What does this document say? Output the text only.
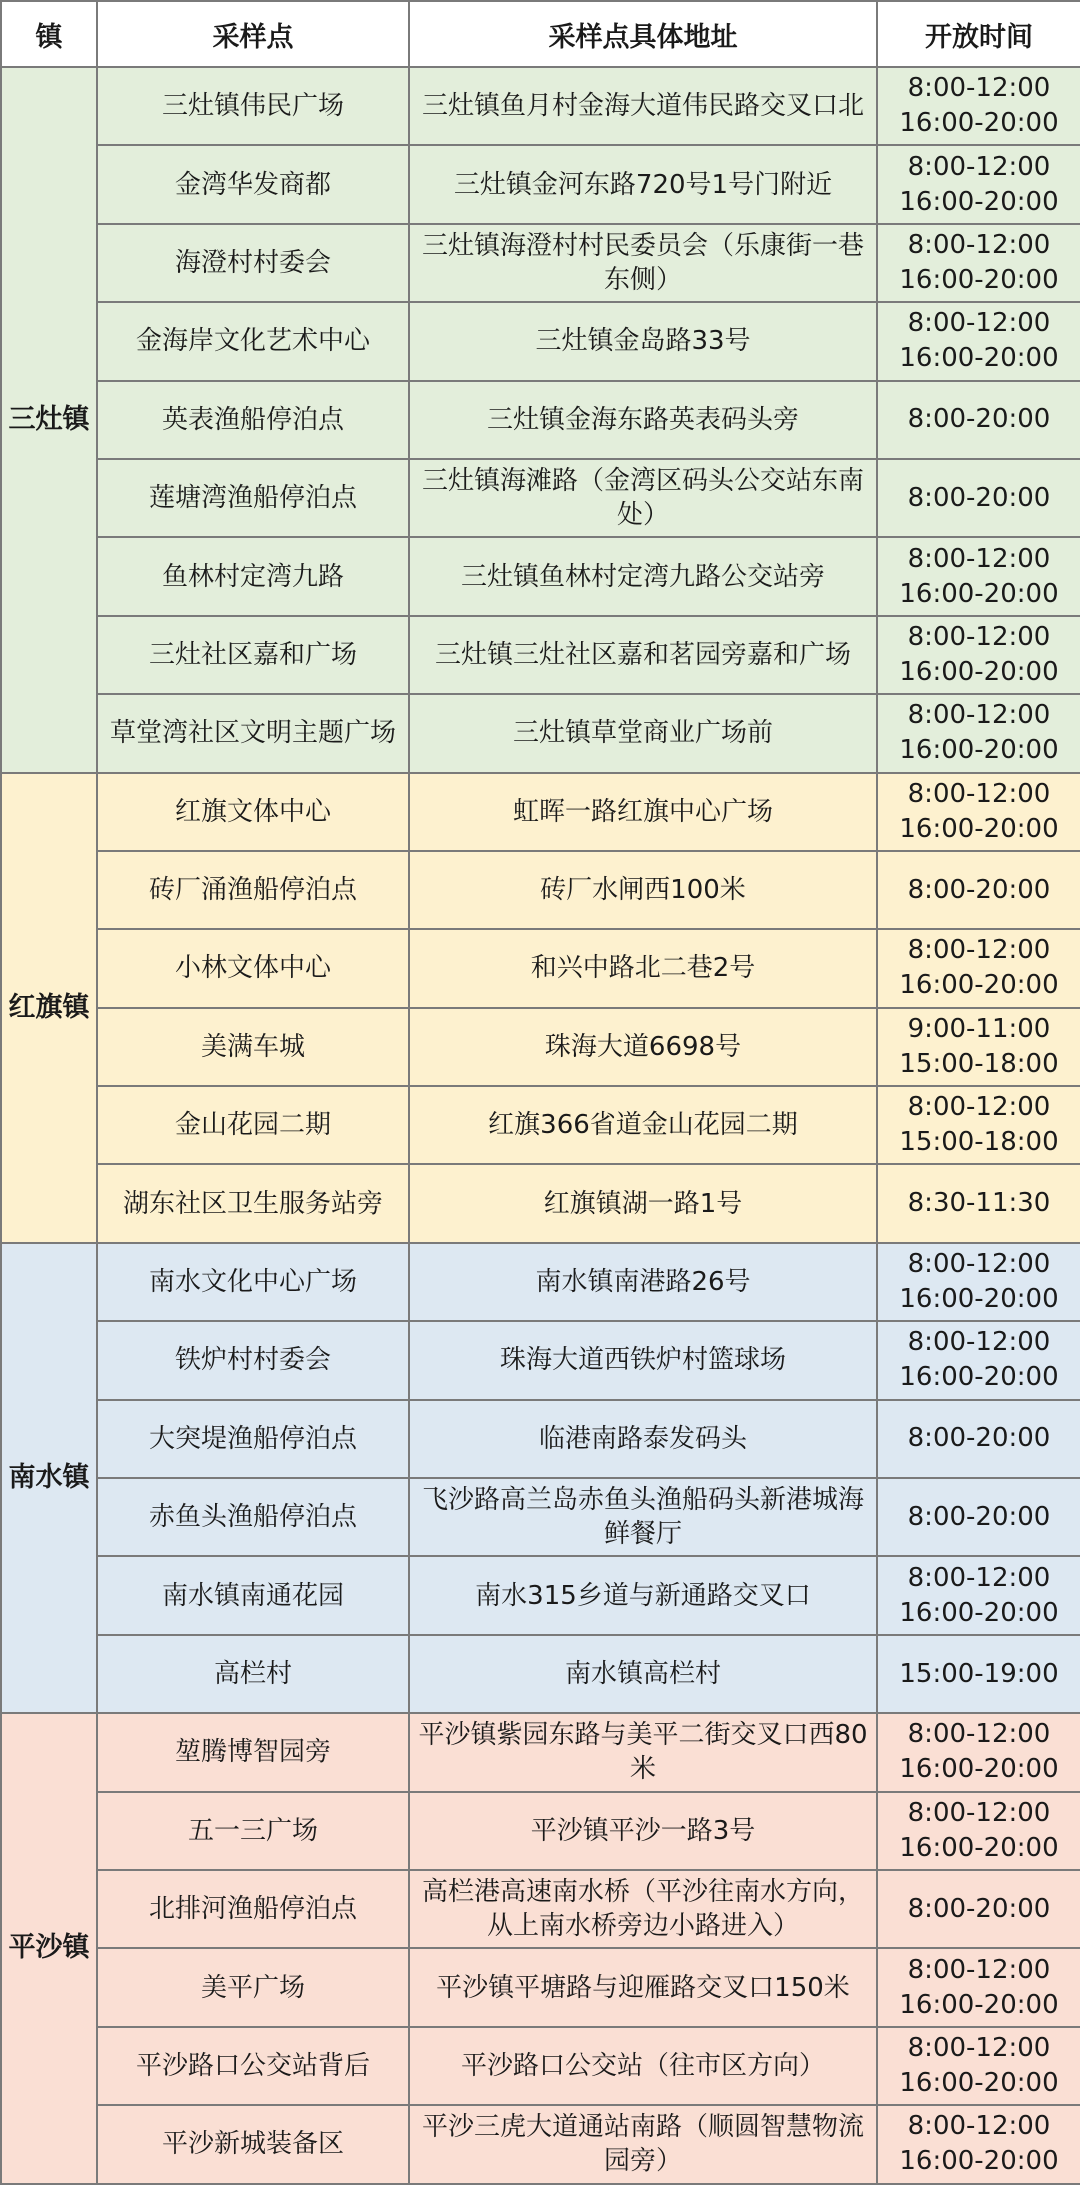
镇	采样点	采样点具体地址	开放时间
三灶镇	三灶镇伟民广场	三灶镇鱼月村金海大道伟民路交叉口北	8:00-12:00
16:00-20:00
	金湾华发商都	三灶镇金河东路720号1号门附近	8:00-12:00
16:00-20:00
	海澄村村委会	三灶镇海澄村村民委员会（乐康街一巷东侧）	8:00-12:00
16:00-20:00
	金海岸文化艺术中心	三灶镇金岛路33号	8:00-12:00
16:00-20:00
	英表渔船停泊点	三灶镇金海东路英表码头旁	8:00-20:00
	莲塘湾渔船停泊点	三灶镇海滩路（金湾区码头公交站东南处）	8:00-20:00
	鱼林村定湾九路	三灶镇鱼林村定湾九路公交站旁	8:00-12:00
16:00-20:00
	三灶社区嘉和广场	三灶镇三灶社区嘉和茗园旁嘉和广场	8:00-12:00
16:00-20:00
	草堂湾社区文明主题广场	三灶镇草堂商业广场前	8:00-12:00
16:00-20:00
红旗镇	红旗文体中心	虹晖一路红旗中心广场	8:00-12:00
16:00-20:00
	砖厂涌渔船停泊点	砖厂水闸西100米	8:00-20:00
	小林文体中心	和兴中路北二巷2号	8:00-12:00
16:00-20:00
	美满车城	珠海大道6698号	9:00-11:00
15:00-18:00
	金山花园二期	红旗366省道金山花园二期	8:00-12:00
15:00-18:00
	湖东社区卫生服务站旁	红旗镇湖一路1号	8:30-11:30
南水镇	南水文化中心广场	南水镇南港路26号	8:00-12:00
16:00-20:00
	铁炉村村委会	珠海大道西铁炉村篮球场	8:00-12:00
16:00-20:00
	大突堤渔船停泊点	临港南路泰发码头	8:00-20:00
	赤鱼头渔船停泊点	飞沙路高兰岛赤鱼头渔船码头新港城海鲜餐厅	8:00-20:00
	南水镇南通花园	南水315乡道与新通路交叉口	8:00-12:00
16:00-20:00
	高栏村	南水镇高栏村	15:00-19:00
平沙镇	堃腾博智园旁	平沙镇紫园东路与美平二街交叉口西80米	8:00-12:00
16:00-20:00
	五一三广场	平沙镇平沙一路3号	8:00-12:00
16:00-20:00
	北排河渔船停泊点	高栏港高速南水桥（平沙往南水方向，从上南水桥旁边小路进入）	8:00-20:00
	美平广场	平沙镇平塘路与迎雁路交叉口150米	8:00-12:00
16:00-20:00
	平沙路口公交站背后	平沙路口公交站（往市区方向）	8:00-12:00
16:00-20:00
	平沙新城装备区	平沙三虎大道通站南路（顺圆智慧物流园旁）	8:00-12:00
16:00-20:00
